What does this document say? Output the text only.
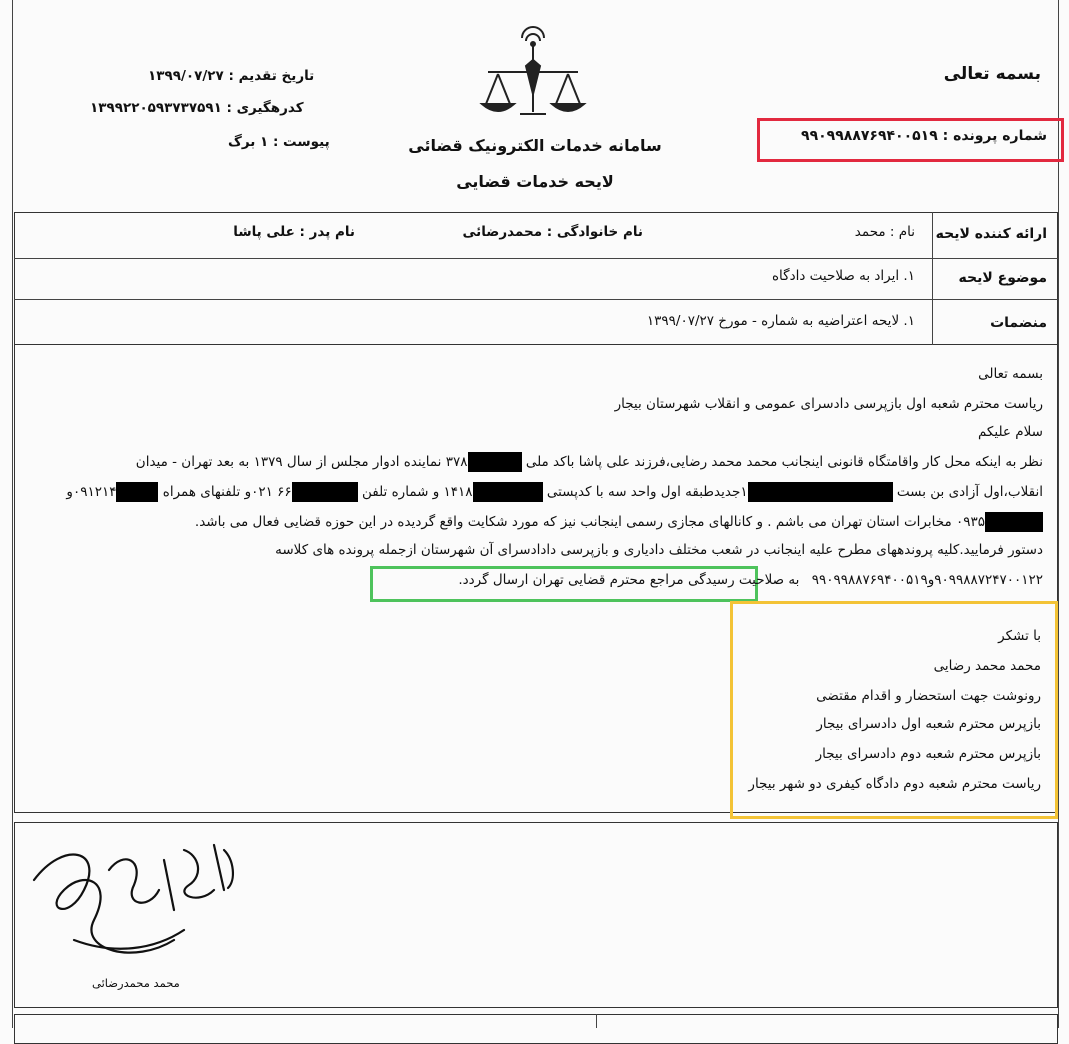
بسمه تعالی
سامانه خدمات الکترونیک قضائی
لایحه خدمات قضایی
شماره پرونده : ۹۹۰۹۹۸۸۷۶۹۴۰۰۵۱۹
تاریخ تقدیم : ۱۳۹۹/۰۷/۲۷
کدرهگیری : ۱۳۹۹۲۲۰۵۹۳۷۳۷۵۹۱
پیوست : ۱ برگ
ارائه کننده لایحه
نام : محمد
نام خانوادگی : محمدرضائی
نام پدر : علی پاشا
موضوع لایحه
۱. ایراد به صلاحیت دادگاه
منضمات
۱. لایحه اعتراضیه به شماره - مورخ ۱۳۹۹/۰۷/۲۷
بسمه تعالی
ریاست محترم شعبه اول بازپرسی دادسرای عمومی و انقلاب شهرستان بیجار
سلام علیکم
نظر به اینکه محل کار واقامتگاه قانونی اینجانب محمد محمد رضایی،فرزند علی پاشا باکد ملی ۳۷۸ نماینده ادوار مجلس از سال ۱۳۷۹ به بعد تهران - میدان
انقلاب،اول آزادی بن بست ۱جدیدطبقه اول واحد سه با کدپستی ۱۴۱۸ و شماره تلفن ۶۶ ۰۲۱و تلفنهای همراه ۰۹۱۲۱۴و
۰۹۳۵ مخابرات استان تهران می باشم . و کانالهای مجازی رسمی اینجانب نیز که مورد شکایت واقع گردیده در این حوزه قضایی فعال می باشد.
دستور فرمایید.کلیه پروندههای مطرح علیه اینجانب در شعب مختلف دادیاری و بازپرسی دادادسرای آن شهرستان ازجمله پرونده های کلاسه
۹۰۹۹۸۸۷۲۴۷۰۰۱۲۲و۹۹۰۹۹۸۸۷۶۹۴۰۰۵۱۹ به صلاحیت رسیدگی مراجع محترم قضایی تهران ارسال گردد.
با تشکر
محمد محمد رضایی
رونوشت جهت استحضار و اقدام مقتضی
بازپرس محترم شعبه اول دادسرای بیجار
بازپرس محترم شعبه دوم دادسرای بیجار
ریاست محترم شعبه دوم دادگاه کیفری دو شهر بیجار
محمد محمدرضائی
